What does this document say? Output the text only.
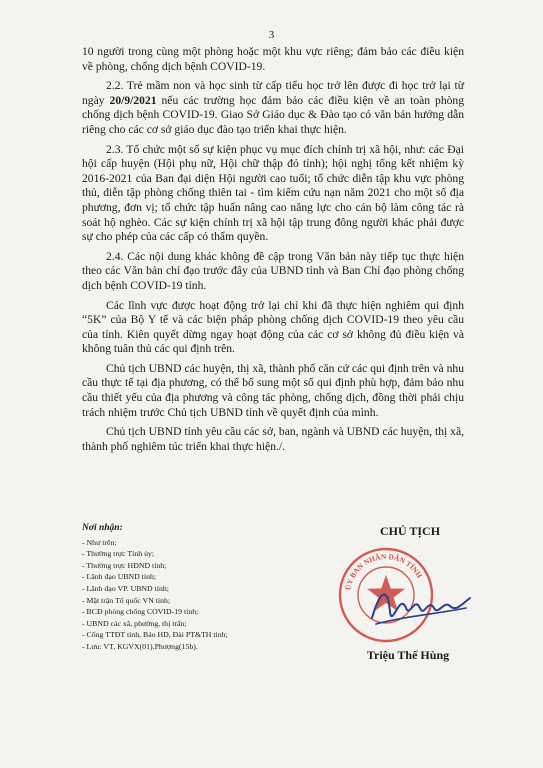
3

10 người trong cùng một phòng hoặc một khu vực riêng; đảm bảo các điều kiện về phòng, chống dịch bệnh COVID-19.

2.2. Trẻ mầm non và học sinh từ cấp tiểu học trở lên được đi học trở lại từ ngày 20/9/2021 nếu các trường học đảm bảo các điều kiện về an toàn phòng chống dịch bệnh COVID-19. Giao Sở Giáo dục & Đào tạo có văn bản hướng dẫn riêng cho các cơ sở giáo dục đào tạo triển khai thực hiện.

2.3. Tổ chức một số sự kiện phục vụ mục đích chính trị xã hội, như: các Đại hội cấp huyện (Hội phụ nữ, Hội chữ thập đỏ tỉnh); hội nghị tổng kết nhiệm kỳ 2016-2021 của Ban đại diện Hội người cao tuổi; tổ chức diễn tập khu vực phòng thủ, diễn tập phòng chống thiên tai - tìm kiếm cứu nạn năm 2021 cho một số địa phương, đơn vị; tổ chức tập huấn nâng cao năng lực cho cán bộ làm công tác rà soát hộ nghèo. Các sự kiện chính trị xã hội tập trung đông người khác phải được sự cho phép của các cấp có thẩm quyền.

2.4. Các nội dung khác không đề cập trong Văn bản này tiếp tục thực hiện theo các Văn bản chỉ đạo trước đây của UBND tỉnh và Ban Chỉ đạo phòng chống dịch bệnh COVID-19 tỉnh.

Các lĩnh vực được hoạt động trở lại chỉ khi đã thực hiện nghiêm qui định “5K” của Bộ Y tế và các biện pháp phòng chống dịch COVID-19 theo yêu cầu của tỉnh. Kiên quyết dừng ngay hoạt động của các cơ sở không đủ điều kiện và không tuân thủ các qui định trên.

Chủ tịch UBND các huyện, thị xã, thành phố căn cứ các qui định trên và nhu cầu thực tế tại địa phương, có thể bổ sung một số qui định phù hợp, đảm bảo nhu cầu thiết yếu của địa phương và công tác phòng, chống dịch, đồng thời phải chịu trách nhiệm trước Chủ tịch UBND tỉnh về quyết định của mình.

Chủ tịch UBND tỉnh yêu cầu các sở, ban, ngành và UBND các huyện, thị xã, thành phố nghiêm túc triển khai thực hiện./.

Nơi nhận:
- Như trên;
- Thường trực Tỉnh ủy;
- Thường trực HĐND tỉnh;
- Lãnh đạo UBND tỉnh;
- Lãnh đạo VP. UBND tỉnh;
- Mặt trận Tổ quốc VN tỉnh;
- BCĐ phòng chống COVID-19 tỉnh;
- UBND các xã, phường, thị trấn;
- Cổng TTĐT tỉnh, Báo HD, Đài PT&TH tỉnh;
- Lưu: VT, KGVX(01).Phượng(15b).
CHỦ TỊCH
ỦY BAN NHÂN DÂN TỈNH
Triệu Thế Hùng
